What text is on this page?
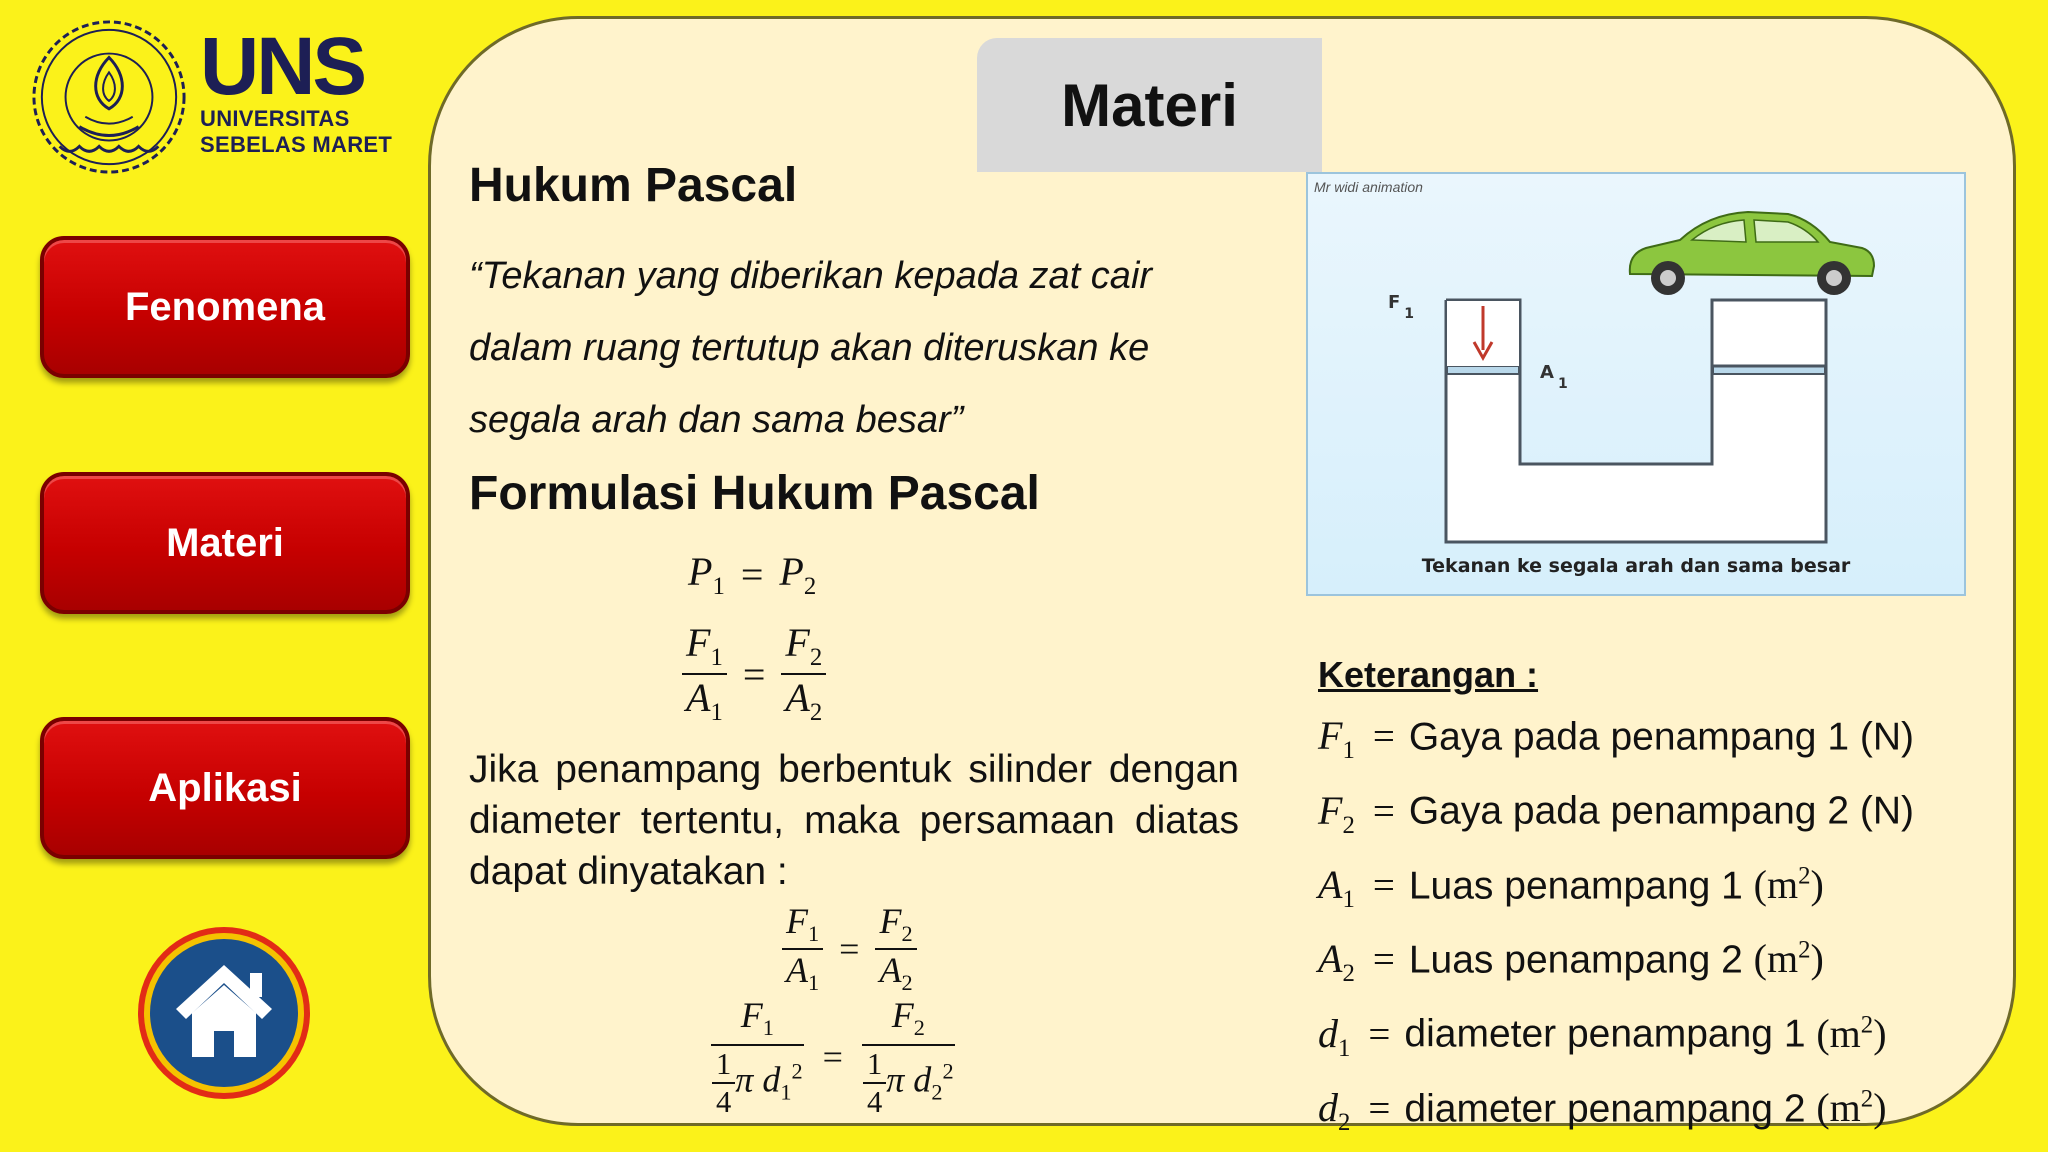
UNS
UNIVERSITAS
SEBELAS MARET
Fenomena
Materi
Aplikasi
Materi
Hukum Pascal
“Tekanan yang diberikan kepada zat cair dalam ruang tertutup akan diteruskan ke segala arah dan sama besar”
Formulasi Hukum Pascal
$P_1 = P_2$
$\frac{F_1}{A_1} = \frac{F_2}{A_2}$
Jika penampang berbentuk silinder dengan diameter tertentu, maka persamaan diatas dapat dinyatakan :
$\frac{F_1}{A_1} = \frac{F_2}{A_2}$
$\frac{F_1}{\frac{1}{4} \pi d_1^2} = \frac{F_2}{\frac{1}{4} \pi d_2^2}$
Mr widi animation
$F_1$
$A_1$
Tekanan ke segala arah dan sama besar
Keterangan :
$F_1$ = Gaya pada penampang 1 (N)
$F_2$ = Gaya pada penampang 2 (N)
$A_1$ = Luas penampang 1 $(m^2)$
$A_2$ = Luas penampang 2 $(m^2)$
$d_1$ = diameter penampang 1 $(m^2)$
$d_2$ = diameter penampang 2 $(m^2)$
